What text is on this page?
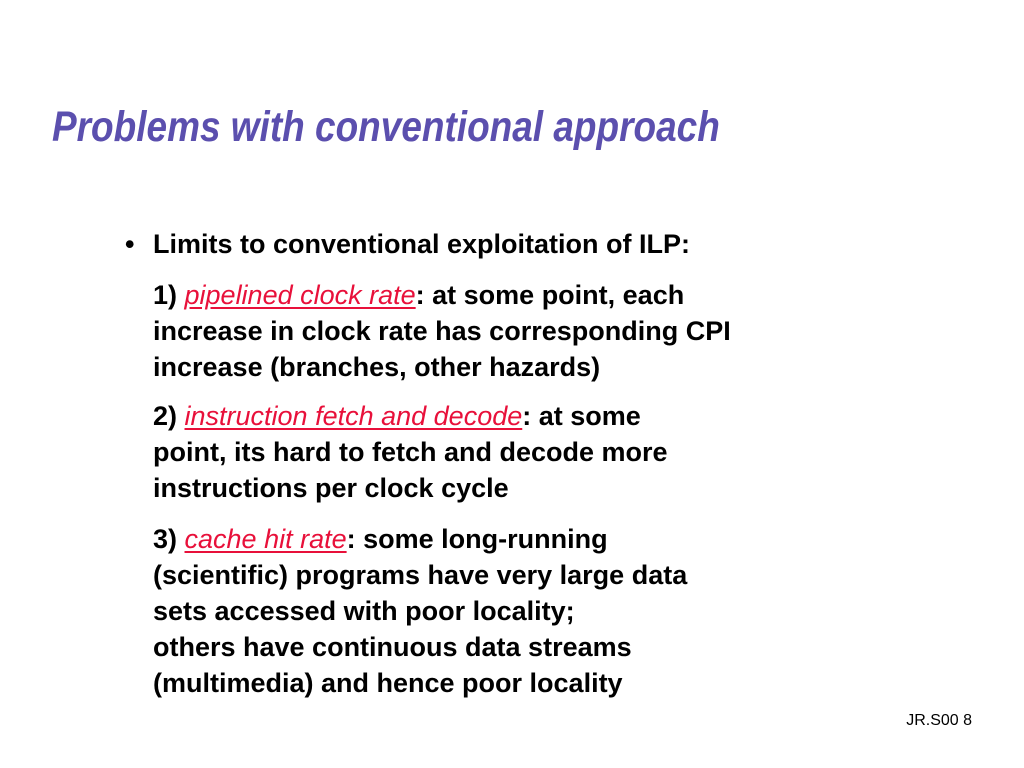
Problems with conventional approach
• Limits to conventional exploitation of ILP:
1) pipelined clock rate: at some point, each
increase in clock rate has corresponding CPI
increase (branches, other hazards)
2) instruction fetch and decode: at some
point, its hard to fetch and decode more
instructions per clock cycle
3) cache hit rate: some long-running
(scientific) programs have very large data
sets accessed with poor locality;
others have continuous data streams
(multimedia) and hence poor locality
JR.S00 8
